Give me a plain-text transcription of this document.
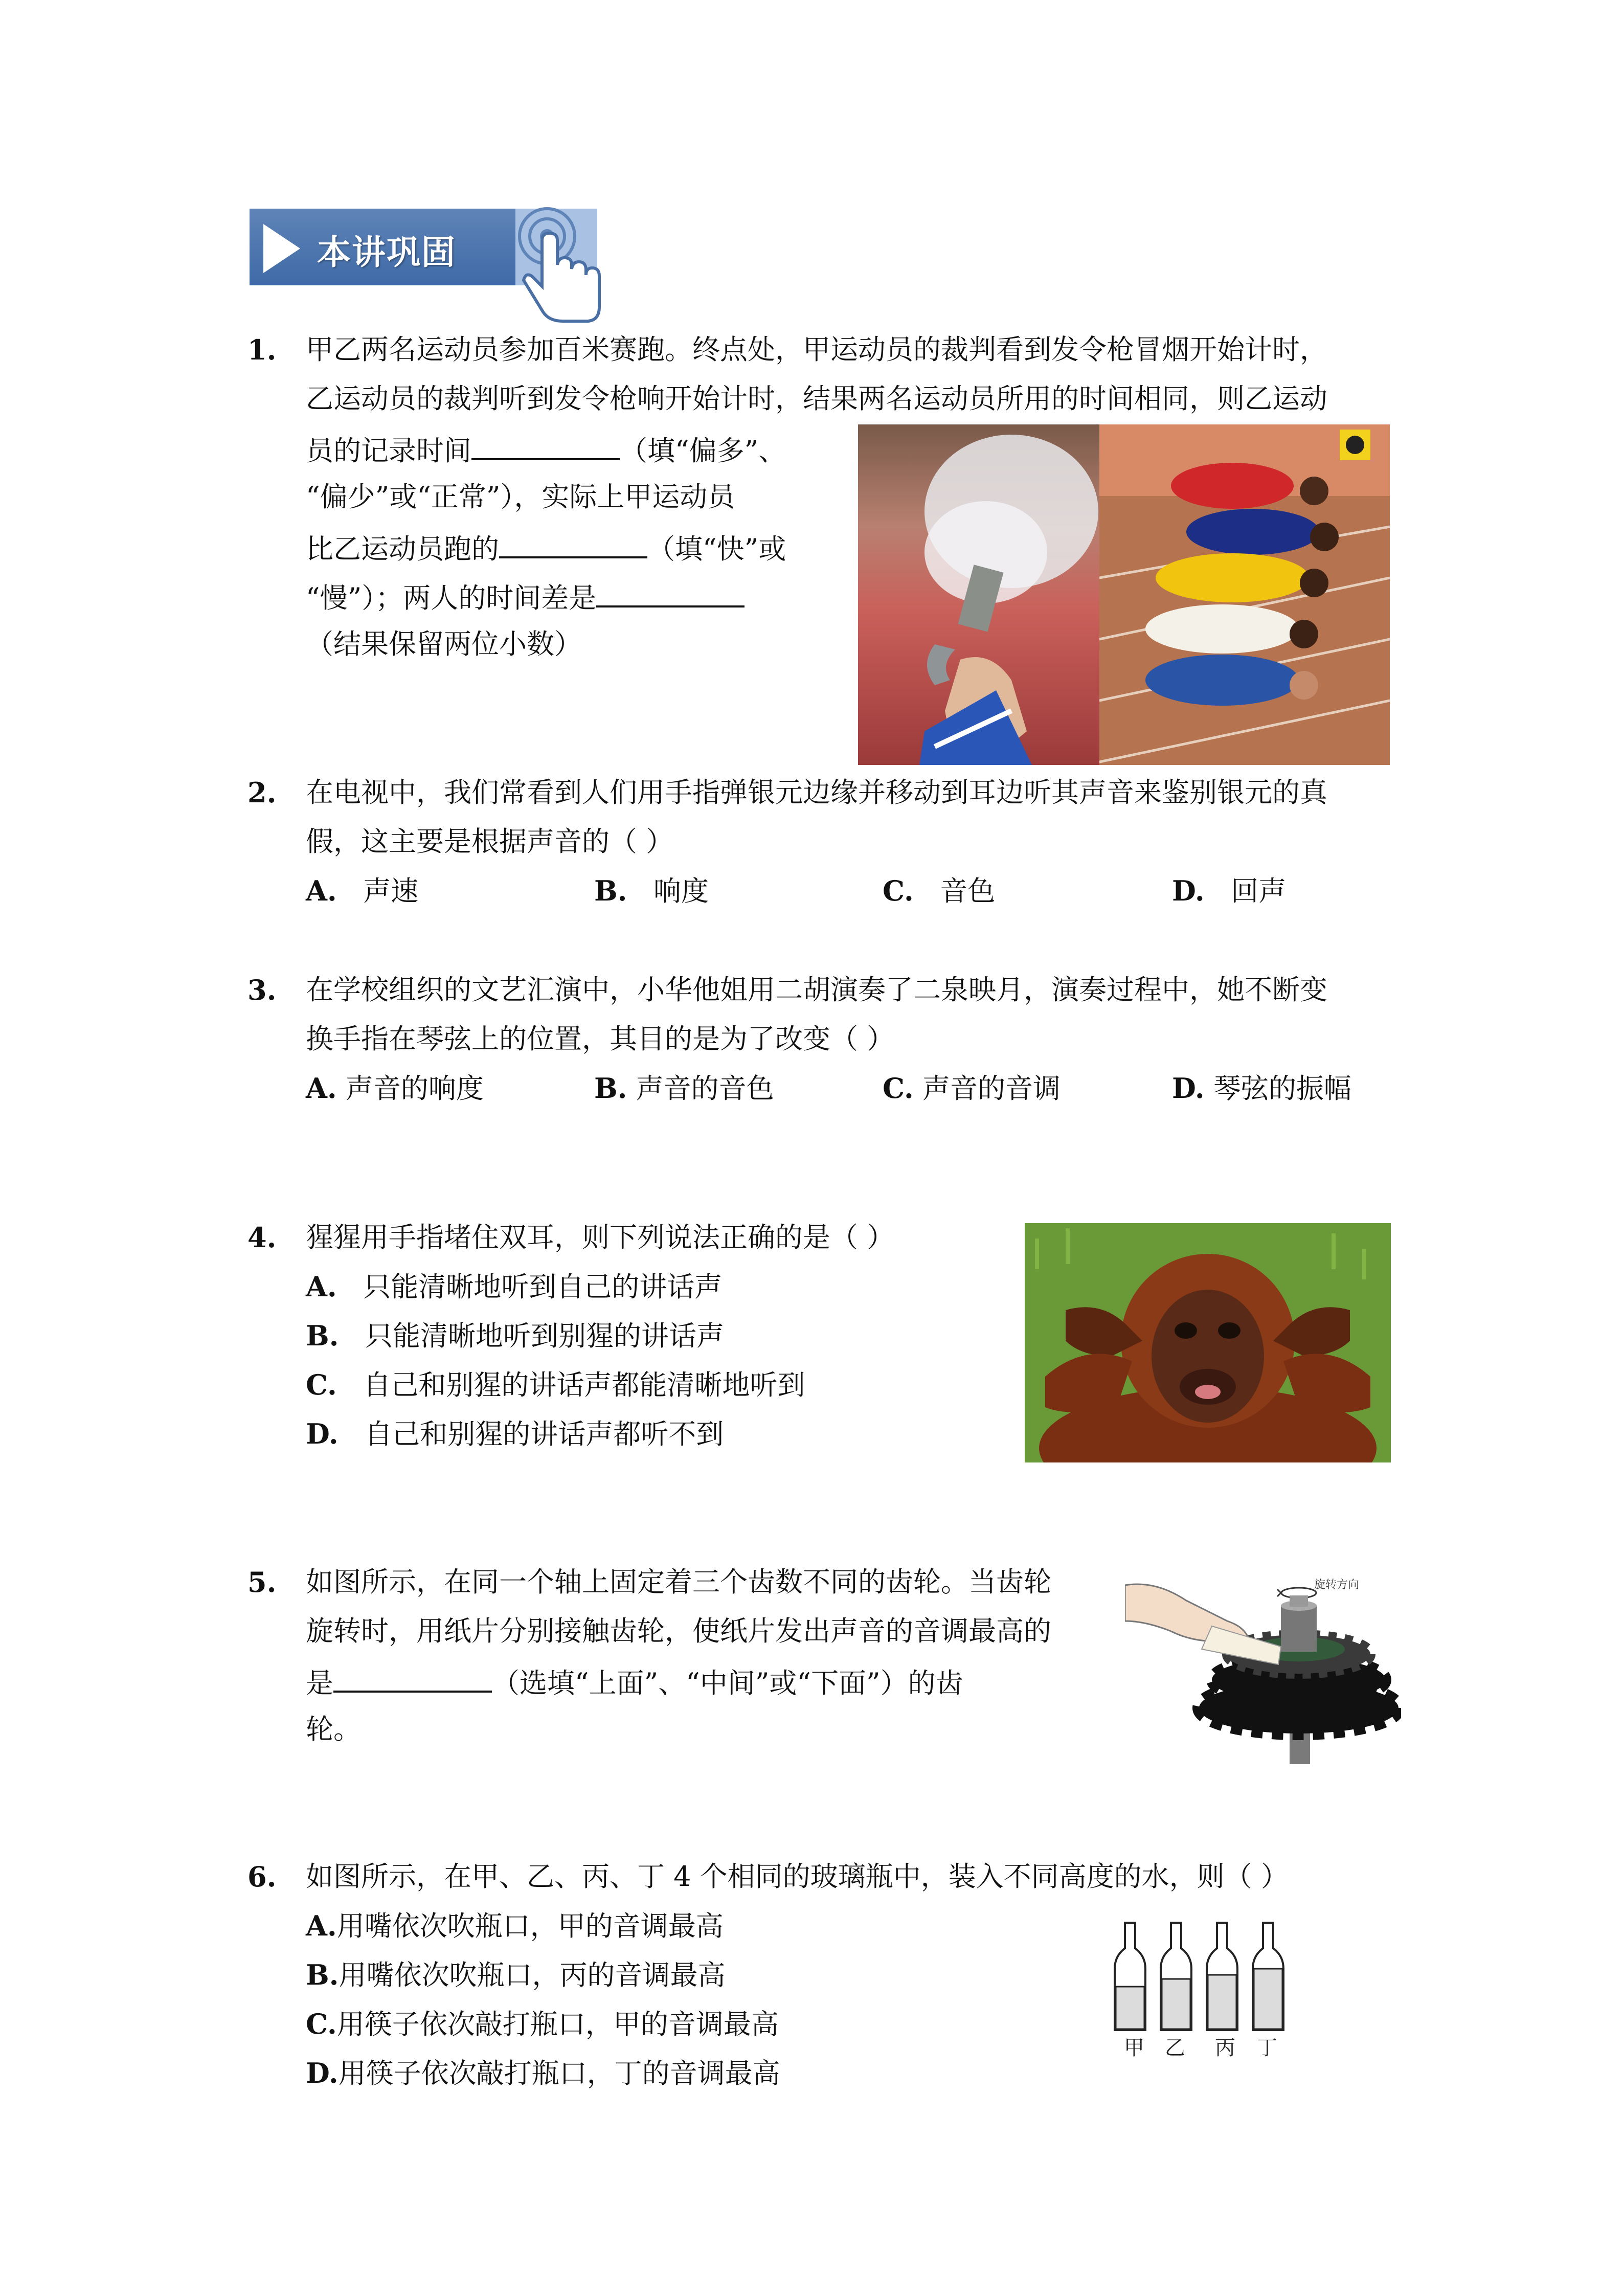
本讲巩固
1. 甲乙两名运动员参加百米赛跑。终点处，甲运动员的裁判看到发令枪冒烟开始计时，
乙运动员的裁判听到发令枪响开始计时，结果两名运动员所用的时间相同，则乙运动
员的记录时间	（填“偏多”、
“偏少”或“正常”），实际上甲运动员
比乙运动员跑的	（填“快”或
“慢”）；两人的时间差是
（结果保留两位小数）
2. 在电视中，我们常看到人们用手指弹银元边缘并移动到耳边听其声音来鉴别银元的真
假，这主要是根据声音的（ ）
A. 声速	B. 响度	C. 音色	D. 回声
3. 在学校组织的文艺汇演中，小华他姐用二胡演奏了二泉映月，演奏过程中，她不断变
换手指在琴弦上的位置，其目的是为了改变（ ）
A. 声音的响度	B. 声音的音色	C. 声音的音调	D. 琴弦的振幅
4. 猩猩用手指堵住双耳，则下列说法正确的是（ ）
A. 只能清晰地听到自己的讲话声
B. 只能清晰地听到别猩的讲话声
C. 自己和别猩的讲话声都能清晰地听到
D. 自己和别猩的讲话声都听不到
5. 如图所示，在同一个轴上固定着三个齿数不同的齿轮。当齿轮
旋转时，用纸片分别接触齿轮，使纸片发出声音的音调最高的
是	（选填“上面”、“中间”或“下面”）的齿
轮。
旋转方向
6. 如图所示，在甲、乙、丙、丁 4 个相同的玻璃瓶中，装入不同高度的水，则（ ）
A.用嘴依次吹瓶口，甲的音调最高
B.用嘴依次吹瓶口，丙的音调最高
C.用筷子依次敲打瓶口，甲的音调最高
D.用筷子依次敲打瓶口，丁的音调最高
甲 乙 丙 丁
